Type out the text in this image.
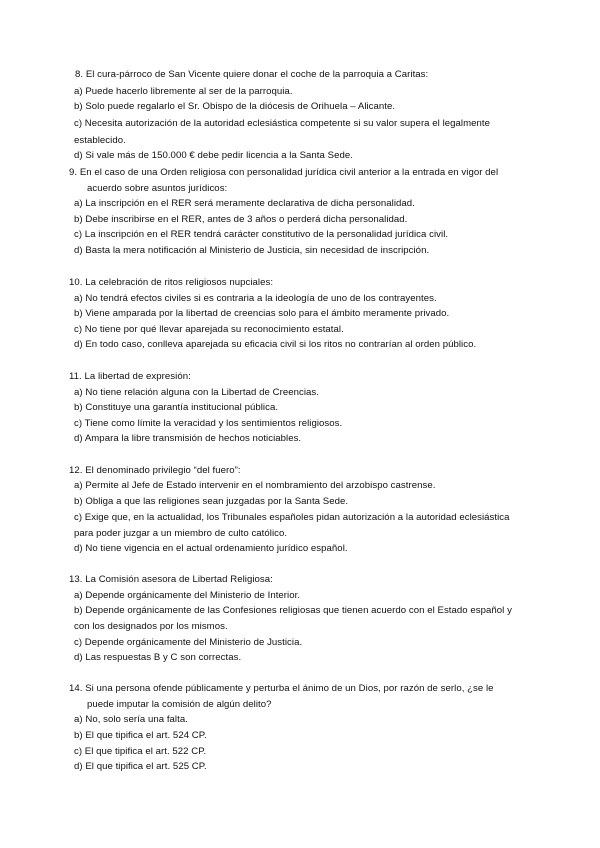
8. El cura-párroco de San Vicente quiere donar el coche de la parroquia a Caritas:
a) Puede hacerlo libremente al ser de la parroquia.
b) Solo puede regalarlo el Sr. Obispo de la diócesis de Orihuela – Alicante.
c) Necesita autorización de la autoridad eclesiástica competente si su valor supera el legalmente
establecido.
d) Si vale más de 150.000 € debe pedir licencia a la Santa Sede.
9. En el caso de una Orden religiosa con personalidad jurídica civil anterior a la entrada en vigor del
acuerdo sobre asuntos jurídicos:
a) La inscripción en el RER será meramente declarativa de dicha personalidad.
b) Debe inscribirse en el RER, antes de 3 años o perderá dicha personalidad.
c) La inscripción en el RER tendrá carácter constitutivo de la personalidad jurídica civil.
d) Basta la mera notificación al Ministerio de Justicia, sin necesidad de inscripción.
10. La celebración de ritos religiosos nupciales:
a) No tendrá efectos civiles si es contraria a la ideología de uno de los contrayentes.
b) Viene amparada por la libertad de creencias solo para el ámbito meramente privado.
c) No tiene por qué llevar aparejada su reconocimiento estatal.
d) En todo caso, conlleva aparejada su eficacia civil si los ritos no contrarían al orden público.
11. La libertad de expresión:
a) No tiene relación alguna con la Libertad de Creencias.
b) Constituye una garantía institucional pública.
c) Tiene como límite la veracidad y los sentimientos religiosos.
d) Ampara la libre transmisión de hechos noticiables.
12. El denominado privilegio “del fuero”:
a) Permite al Jefe de Estado intervenir en el nombramiento del arzobispo castrense.
b) Obliga a que las religiones sean juzgadas por la Santa Sede.
c) Exige que, en la actualidad, los Tribunales españoles pidan autorización a la autoridad eclesiástica
para poder juzgar a un miembro de culto católico.
d) No tiene vigencia en el actual ordenamiento jurídico español.
13. La Comisión asesora de Libertad Religiosa:
a) Depende orgánicamente del Ministerio de Interior.
b) Depende orgánicamente de las Confesiones religiosas que tienen acuerdo con el Estado español y
con los designados por los mismos.
c) Depende orgánicamente del Ministerio de Justicia.
d) Las respuestas B y C son correctas.
14. Si una persona ofende públicamente y perturba el ánimo de un Dios, por razón de serlo, ¿se le
puede imputar la comisión de algún delito?
a) No, solo sería una falta.
b) El que tipifica el art. 524 CP.
c) El que tipifica el art. 522 CP.
d) El que tipifica el art. 525 CP.
